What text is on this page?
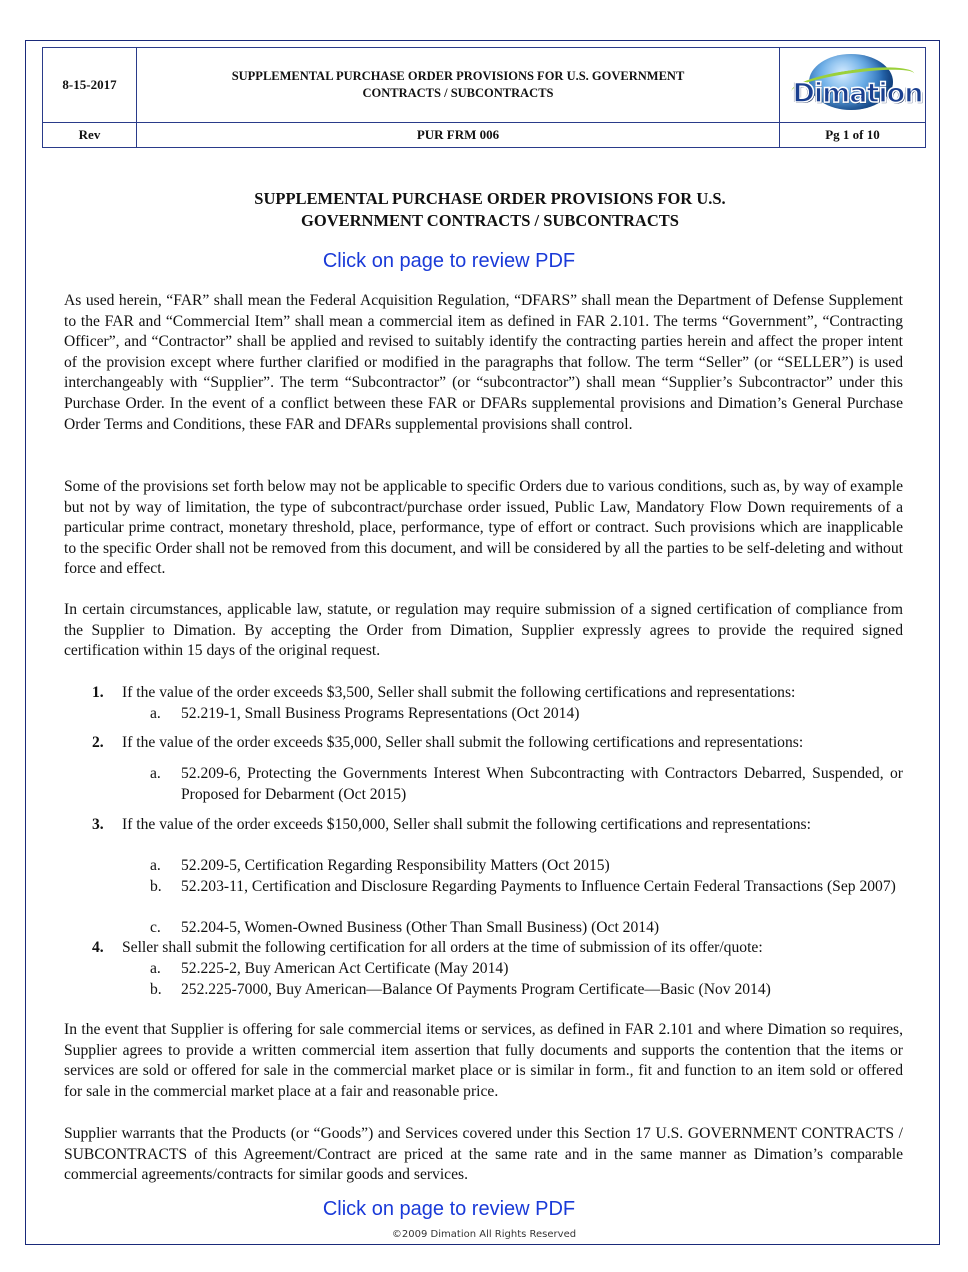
8-15-2017	SUPPLEMENTAL PURCHASE ORDER PROVISIONS FOR U.S. GOVERNMENT
CONTRACTS / SUBCONTRACTS	Dimation

Rev	PUR FRM 006	Pg 1 of 10
SUPPLEMENTAL PURCHASE ORDER PROVISIONS FOR U.S.
GOVERNMENT CONTRACTS / SUBCONTRACTS
Click on page to review PDF

As used herein, “FAR” shall mean the Federal Acquisition Regulation, “DFARS” shall mean the Department of Defense Supplement to the FAR and “Commercial Item” shall mean a commercial item as defined in FAR 2.101. The terms “Government”, “Contracting Officer”, and “Contractor” shall be applied and revised to suitably identify the contracting parties herein and affect the proper intent of the provision except where further clarified or modified in the paragraphs that follow. The term “Seller” (or “SELLER”) is used interchangeably with “Supplier”. The term “Subcontractor” (or “subcontractor”) shall mean “Supplier’s Subcontractor” under this Purchase Order. In the event of a conflict between these FAR or DFARs supplemental provisions and Dimation’s General Purchase Order Terms and Conditions, these FAR and DFARs supplemental provisions shall control.

Some of the provisions set forth below may not be applicable to specific Orders due to various conditions, such as, by way of example but not by way of limitation, the type of subcontract/purchase order issued, Public Law, Mandatory Flow Down requirements of a particular prime contract, monetary threshold, place, performance, type of effort or contract. Such provisions which are inapplicable to the specific Order shall not be removed from this document, and will be considered by all the parties to be self-deleting and without force and effect.

In certain circumstances, applicable law, statute, or regulation may require submission of a signed certification of compliance from the Supplier to Dimation. By accepting the Order from Dimation, Supplier expressly agrees to provide the required signed certification within 15 days of the original request.

1. If the value of the order exceeds $3,500, Seller shall submit the following certifications and representations:
a. 52.219-1, Small Business Programs Representations (Oct 2014)
2. If the value of the order exceeds $35,000, Seller shall submit the following certifications and representations:
a. 52.209-6, Protecting the Governments Interest When Subcontracting with Contractors Debarred, Suspended, or Proposed for Debarment (Oct 2015)
3. If the value of the order exceeds $150,000, Seller shall submit the following certifications and representations:
a. 52.209-5, Certification Regarding Responsibility Matters (Oct 2015)
b. 52.203-11, Certification and Disclosure Regarding Payments to Influence Certain Federal Transactions (Sep 2007)
c. 52.204-5, Women-Owned Business (Other Than Small Business) (Oct 2014)
4. Seller shall submit the following certification for all orders at the time of submission of its offer/quote:
a. 52.225-2, Buy American Act Certificate (May 2014)
b. 252.225-7000, Buy American—Balance Of Payments Program Certificate—Basic (Nov 2014)

In the event that Supplier is offering for sale commercial items or services, as defined in FAR 2.101 and where Dimation so requires, Supplier agrees to provide a written commercial item assertion that fully documents and supports the contention that the items or services are sold or offered for sale in the commercial market place or is similar in form., fit and function to an item sold or offered for sale in the commercial market place at a fair and reasonable price.

Supplier warrants that the Products (or “Goods”) and Services covered under this Section 17 U.S. GOVERNMENT CONTRACTS / SUBCONTRACTS of this Agreement/Contract are priced at the same rate and in the same manner as Dimation’s comparable commercial agreements/contracts for similar goods and services.

Click on page to review PDF
©2009 Dimation All Rights Reserved
